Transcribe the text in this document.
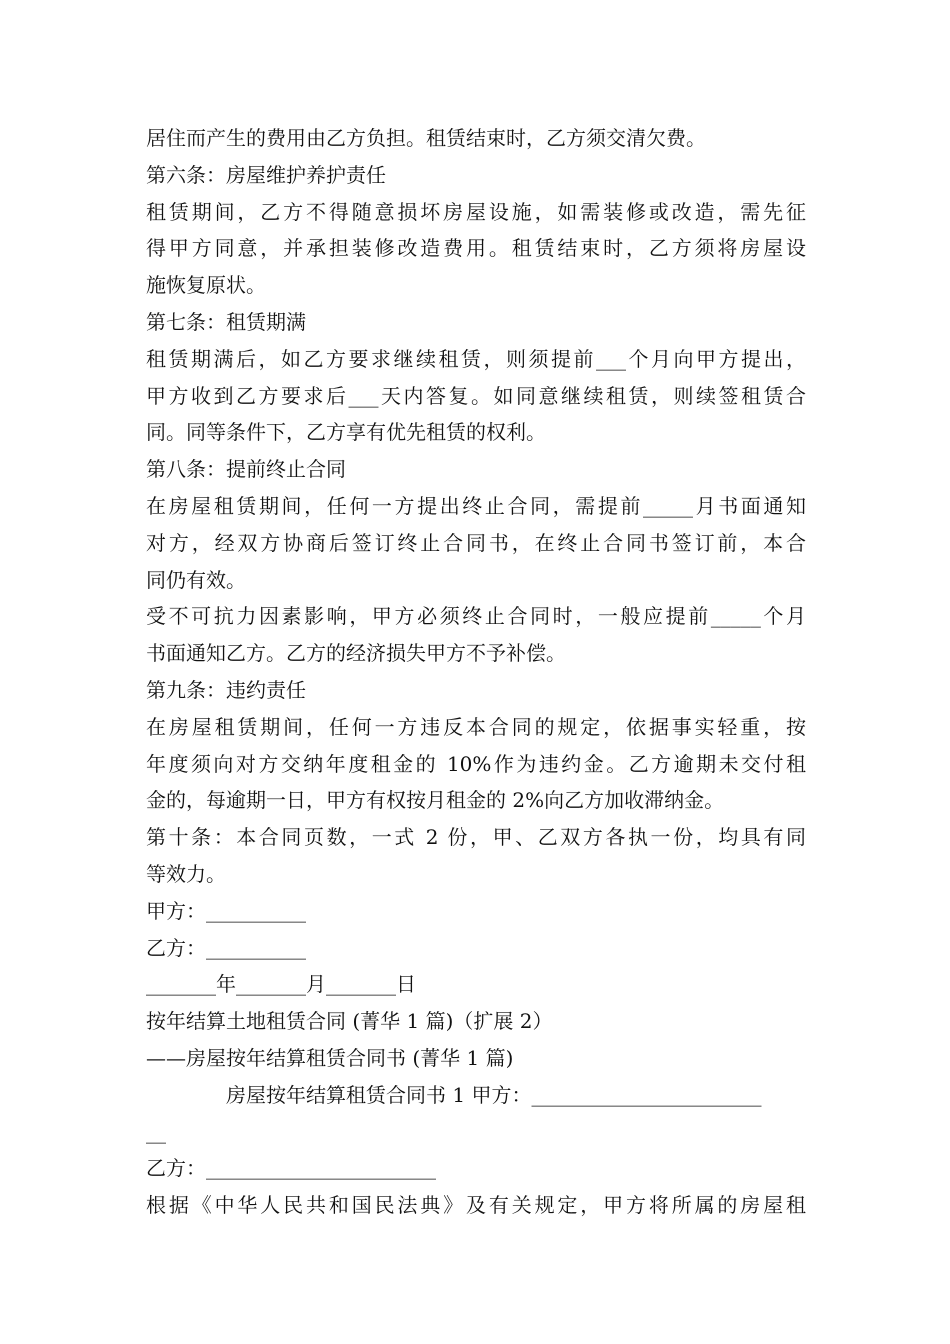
居住而产生的费用由乙方负担。租赁结束时，乙方须交清欠费。
第六条：房屋维护养护责任
租赁期间，乙方不得随意损坏房屋设施，如需装修或改造，需先征
得甲方同意，并承担装修改造费用。租赁结束时，乙方须将房屋设
施恢复原状。
第七条：租赁期满
租赁期满后，如乙方要求继续租赁，则须提前___个月向甲方提出，
甲方收到乙方要求后___天内答复。如同意继续租赁，则续签租赁合
同。同等条件下，乙方享有优先租赁的权利。
第八条：提前终止合同
在房屋租赁期间，任何一方提出终止合同，需提前_____月书面通知
对方，经双方协商后签订终止合同书，在终止合同书签订前，本合
同仍有效。
受不可抗力因素影响，甲方必须终止合同时，一般应提前_____个月
书面通知乙方。乙方的经济损失甲方不予补偿。
第九条：违约责任
在房屋租赁期间，任何一方违反本合同的规定，依据事实轻重，按
年度须向对方交纳年度租金的 10%作为违约金。乙方逾期未交付租
金的，每逾期一日，甲方有权按月租金的 2%向乙方加收滞纳金。
第十条：本合同页数，一式 2 份，甲、乙双方各执一份，均具有同
等效力。
甲方：__________
乙方：__________
_______年_______月_______日
按年结算土地租赁合同 (菁华 1 篇)（扩展 2）
——房屋按年结算租赁合同书 (菁华 1 篇)
房屋按年结算租赁合同书 1 甲方：_______________________
__
乙方：_______________________
根据《中华人民共和国民法典》及有关规定，甲方将所属的房屋租
